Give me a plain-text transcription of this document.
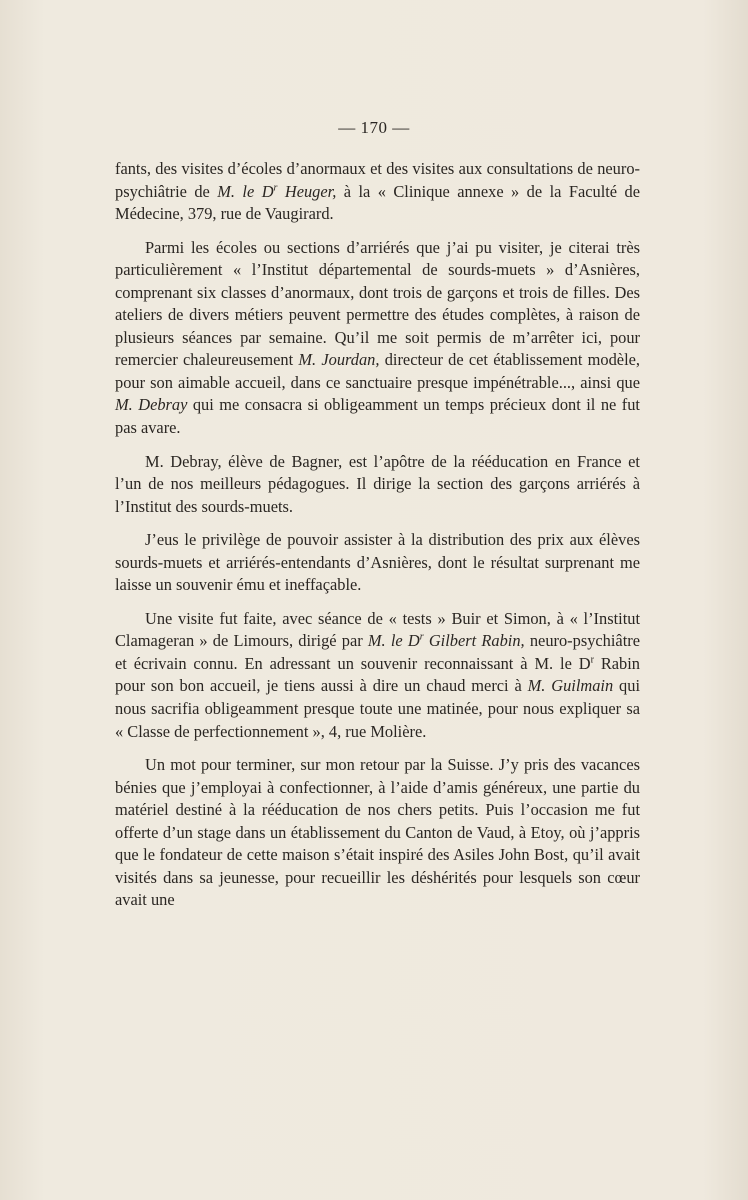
— 170 —

fants, des visites d’écoles d’anormaux et des visites aux consultations de neuro-psychiâtrie de M. le $D^r$ Heuger, à la « Clinique annexe » de la Faculté de Médecine, 379, rue de Vaugirard.

Parmi les écoles ou sections d’arriérés que j’ai pu visiter, je citerai très particulièrement « l’Institut départemental de sourds-muets » d’Asnières, comprenant six classes d’anormaux, dont trois de garçons et trois de filles. Des ateliers de divers métiers peuvent permettre des études complètes, à raison de plusieurs séances par semaine. Qu’il me soit permis de m’arrêter ici, pour remercier chaleureusement M. Jourdan, directeur de cet établissement modèle, pour son aimable accueil, dans ce sanctuaire presque impénétrable..., ainsi que M. Debray qui me consacra si obligeamment un temps précieux dont il ne fut pas avare.

M. Debray, élève de Bagner, est l’apôtre de la rééducation en France et l’un de nos meilleurs pédagogues. Il dirige la section des garçons arriérés à l’Institut des sourds-muets.

J’eus le privilège de pouvoir assister à la distribution des prix aux élèves sourds-muets et arriérés-entendants d’Asnières, dont le résultat surprenant me laisse un souvenir ému et ineffaçable.

Une visite fut faite, avec séance de « tests » Buir et Simon, à « l’Institut Clamageran » de Limours, dirigé par M. le $D^r$ Gilbert Rabin, neuro-psychiâtre et écrivain connu. En adressant un souvenir reconnaissant à M. le $D^r$ Rabin pour son bon accueil, je tiens aussi à dire un chaud merci à M. Guilmain qui nous sacrifia obligeamment presque toute une matinée, pour nous expliquer sa « Classe de perfectionnement », 4, rue Molière.

Un mot pour terminer, sur mon retour par la Suisse. J’y pris des vacances bénies que j’employai à confectionner, à l’aide d’amis généreux, une partie du matériel destiné à la rééducation de nos chers petits. Puis l’occasion me fut offerte d’un stage dans un établissement du Canton de Vaud, à Etoy, où j’appris que le fondateur de cette maison s’était inspiré des Asiles John Bost, qu’il avait visités dans sa jeunesse, pour recueillir les déshérités pour lesquels son cœur avait une
